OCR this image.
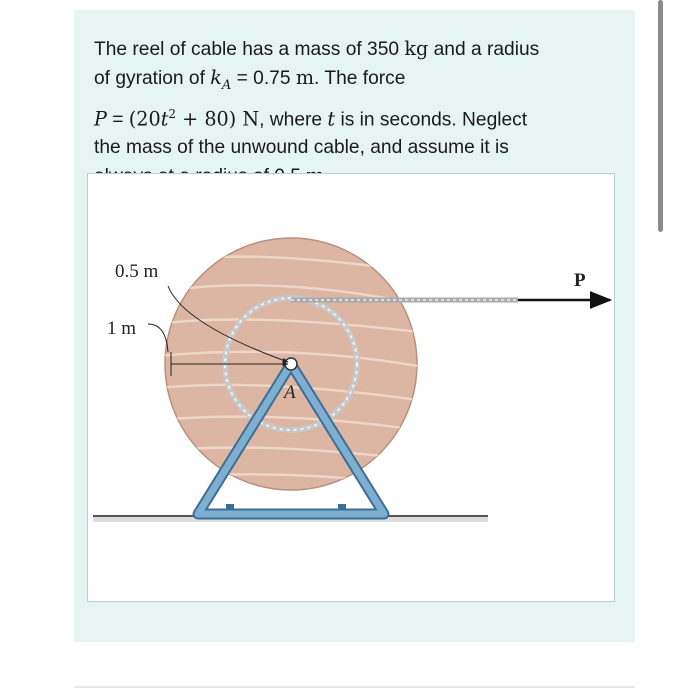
The reel of cable has a mass of 350 kg and a radius
of gyration of $k_A = 0.75$ m. The force
$P = (20t^2 + 80)$ N, where t is in seconds. Neglect
the mass of the unwound cable, and assume it is
P
A
0.5 m
1 m
